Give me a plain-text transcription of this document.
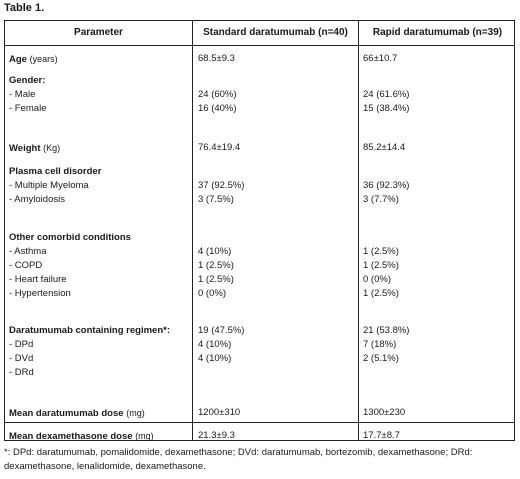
Table 1.
Parameter	Standard daratumumab (n=40)	Rapid daratumumab (n=39)
Age (years)	68.5±9.3	66±10.7
Gender:
- Male	24 (60%)	24 (61.6%)
- Female	16 (40%)	15 (38.4%)
Weight (Kg)	76.4±19.4	85.2±14.4
Plasma cell disorder
- Multiple Myeloma	37 (92.5%)	36 (92.3%)
- Amyloidosis	3 (7.5%)	3 (7.7%)
Other comorbid conditions
- Asthma	4 (10%)	1 (2.5%)
- COPD	1 (2.5%)	1 (2.5%)
- Heart failure	1 (2.5%)	0 (0%)
- Hypertension	0 (0%)	1 (2.5%)
Daratumumab containing regimen*:	19 (47.5%)	21 (53.8%)
- DPd	4 (10%)	7 (18%)
- DVd	4 (10%)	2 (5.1%)
- DRd
Mean daratumumab dose (mg)	1200±310	1300±230
Mean dexamethasone dose (mg)	21.3±9.3	17.7±8.7
*: DPd: daratumumab, pomalidomide, dexamethasone; DVd: daratumumab, bortezomib, dexamethasone; DRd: dexamethasone, lenalidomide, dexamethasone.
